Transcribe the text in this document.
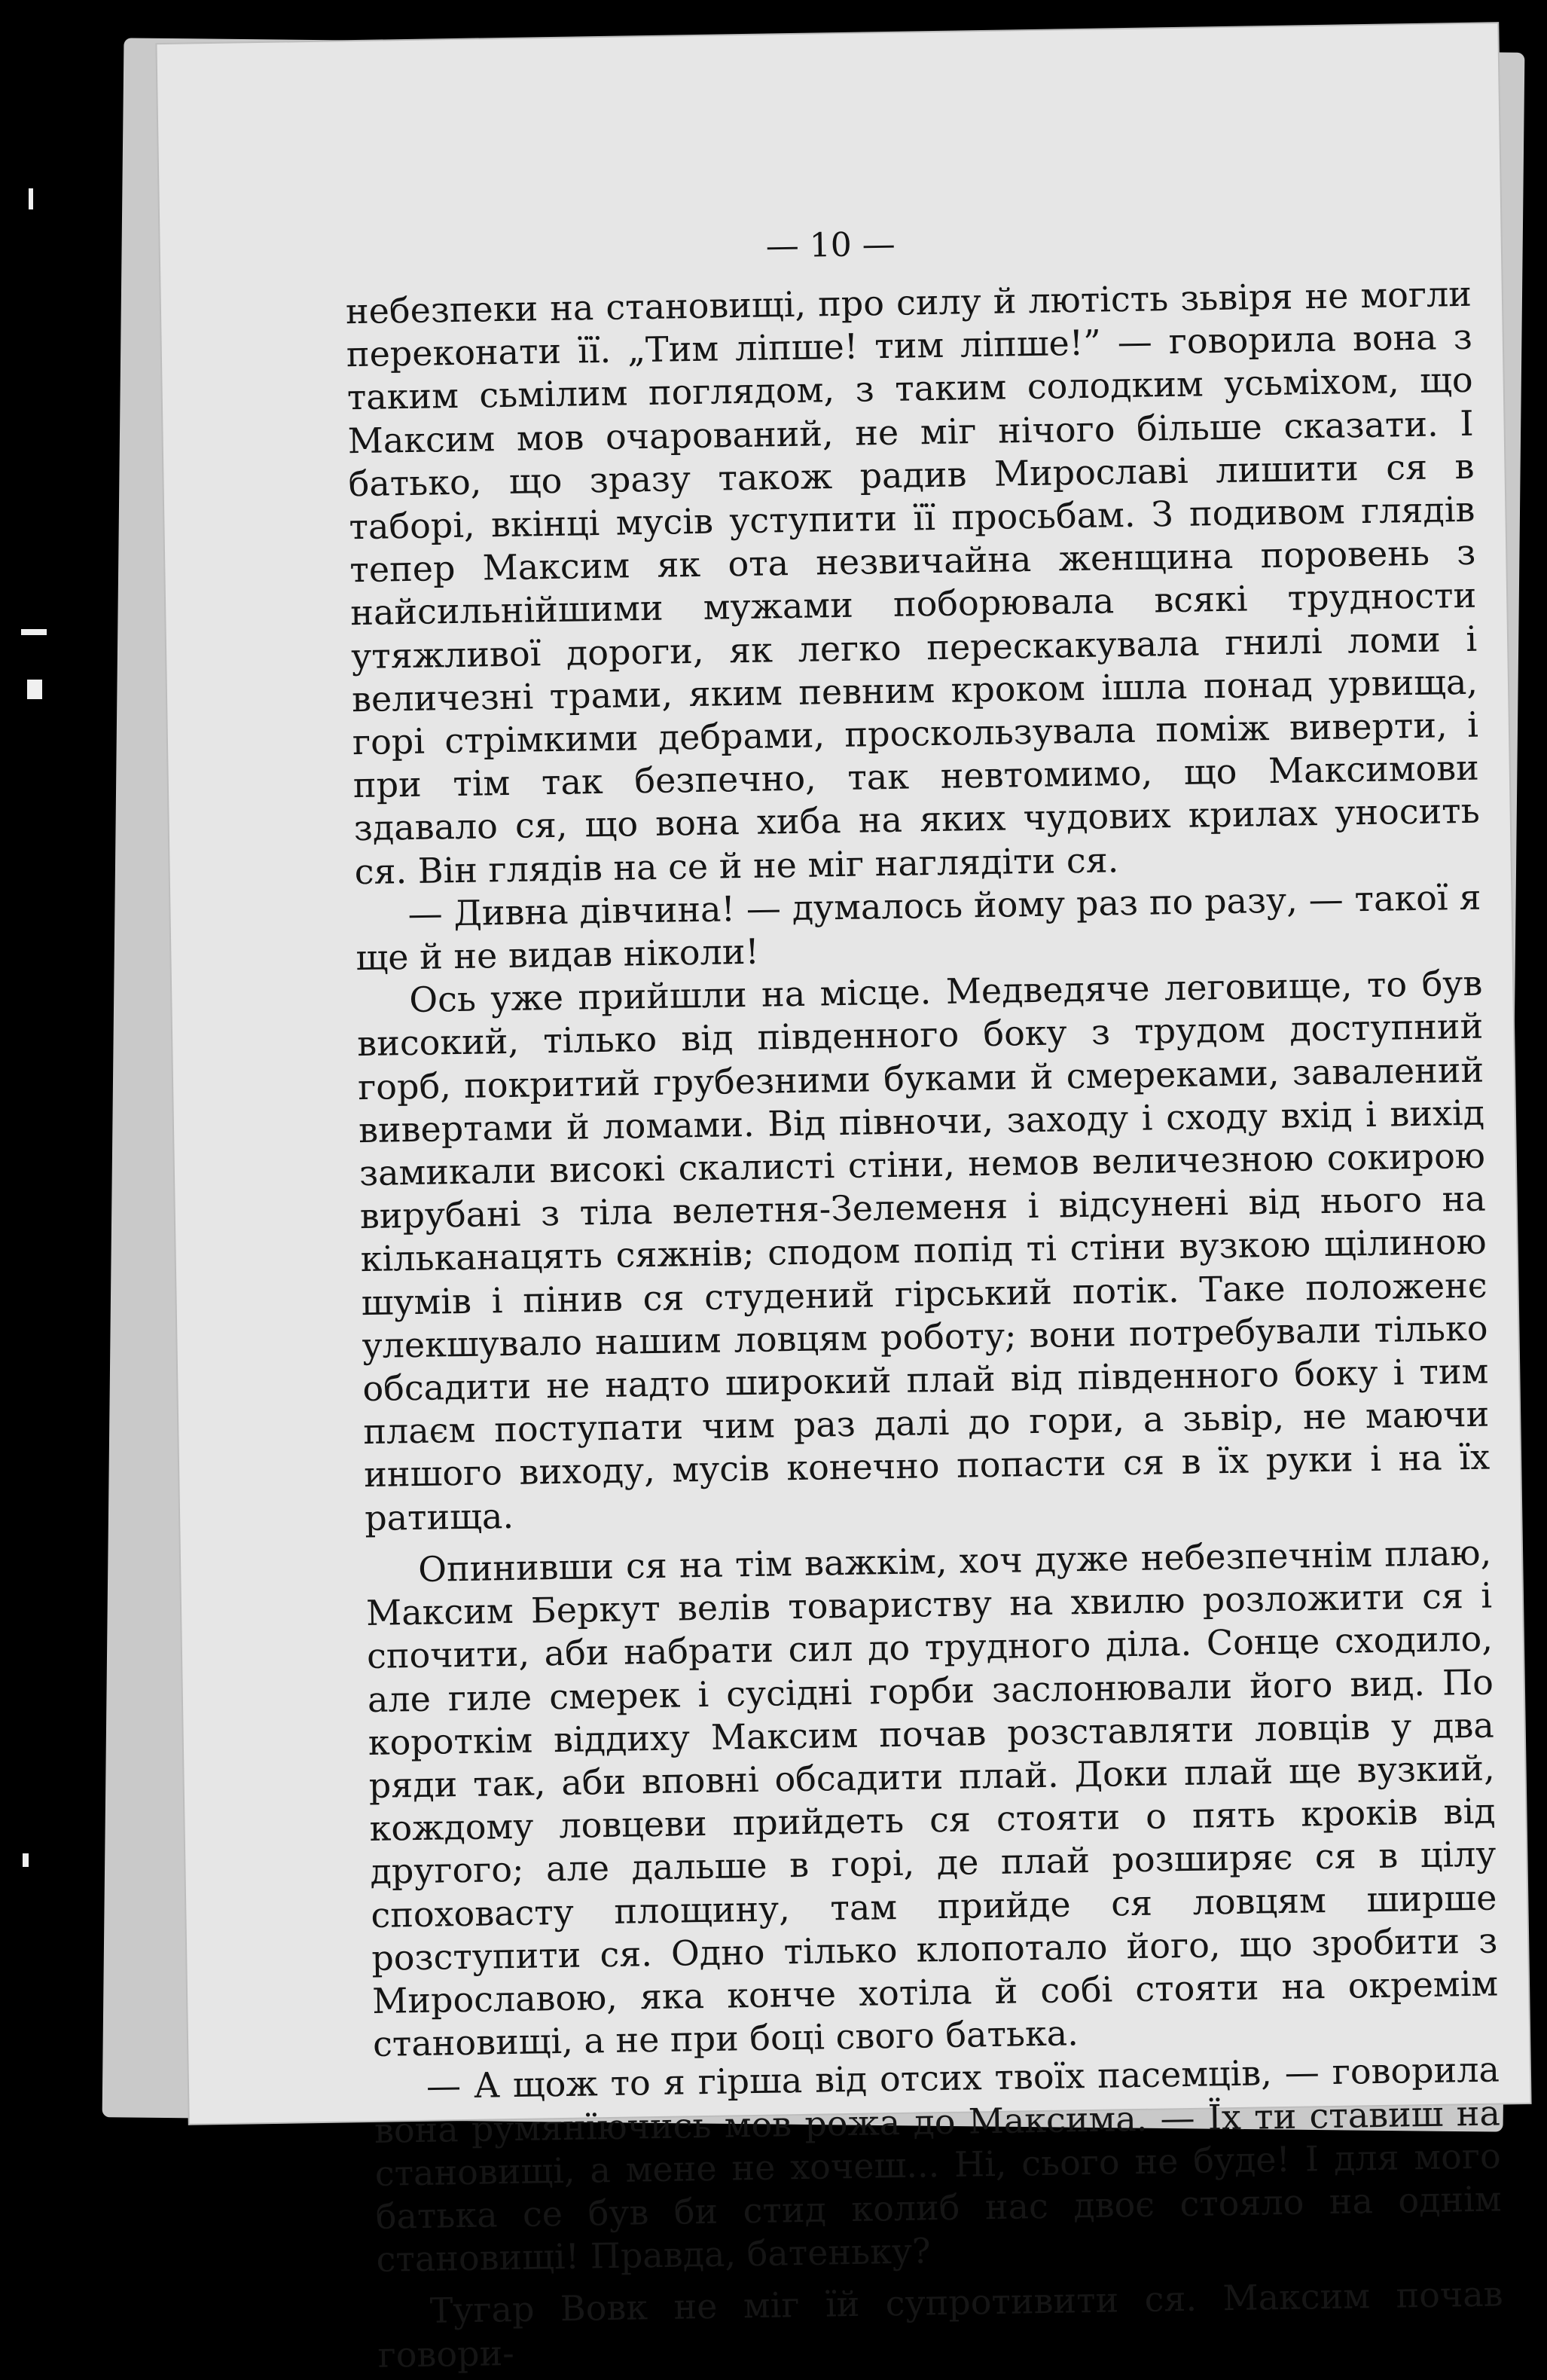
— 10 —

небезпеки на становищі, про силу й лютість зьвіря не могли переконати її. „Тим ліпше! тим ліпше!” — говорила вона з таким сьмілим поглядом, з таким солодким усьміхом, що Максим мов очарований, не міг нічого більше сказати. І батько, що зразу також радив Мирославі лишити ся в таборі, вкінці мусів уступити її просьбам. З подивом глядів тепер Максим як ота незвичайна женщина поровень з найсильнійшими мужами поборювала всякі трудности утяжливої дороги, як легко перескакувала гнилі ломи і величезні трами, яким певним кроком ішла понад урвища, горі стрімкими дебрами, проскользувала поміж виверти, і при тім так безпечно, так невтомимо, що Максимови здавало ся, що вона хиба на яких чудових крилах уносить ся. Він глядів на се й не міг наглядіти ся.

— Дивна дівчина! — думалось йому раз по разу, — такої я ще й не видав ніколи!

Ось уже прийшли на місце. Медведяче леговище, то був високий, тілько від південного боку з трудом доступний горб, покритий грубезними буками й смереками, завалений вивертами й ломами. Від півночи, заходу і сходу вхід і вихід замикали високі скалисті стіни, немов величезною сокирою вирубані з тіла велетня-Зелеменя і відсунені від нього на кільканацять сяжнів; сподом попід ті стіни вузкою щілиною шумів і пінив ся студений гірський потік. Таке положенє улекшувало нашим ловцям роботу; вони потребували тілько обсадити не надто широкий плай від південного боку і тим плаєм поступати чим раз далі до гори, а зьвір, не маючи иншого виходу, мусів конечно попасти ся в їх руки і на їх ратища.

Опинивши ся на тім важкім, хоч дуже небезпечнім плаю, Максим Беркут велів товариству на хвилю розложити ся і спочити, аби набрати сил до трудного діла. Сонце сходило, але гиле смерек і сусідні горби заслонювали його вид. По короткім віддиху Максим почав розставляти ловців у два ряди так, аби вповні обсадити плай. Доки плай ще вузкий, кождому ловцеви прийдеть ся стояти о пять кроків від другого; але дальше в горі, де плай розширяє ся в цілу споховасту площину, там прийде ся ловцям ширше розступити ся. Одно тілько клопотало його, що зробити з Мирославою, яка конче хотіла й собі стояти на окремім становищі, а не при боці свого батька.

— А щож то я гірша від отсих твоїх пасемців, — говорила вона румянїючись мов рожа до Максима. — Їх ти ставиш на становищі, а мене не хочеш... Ні, сього не буде! І для мого батька се був би стид колиб нас двоє стояло на однім становищі! Правда, батеньку?

Тугар Вовк не міг їй супротивити ся. Максим почав говори-
